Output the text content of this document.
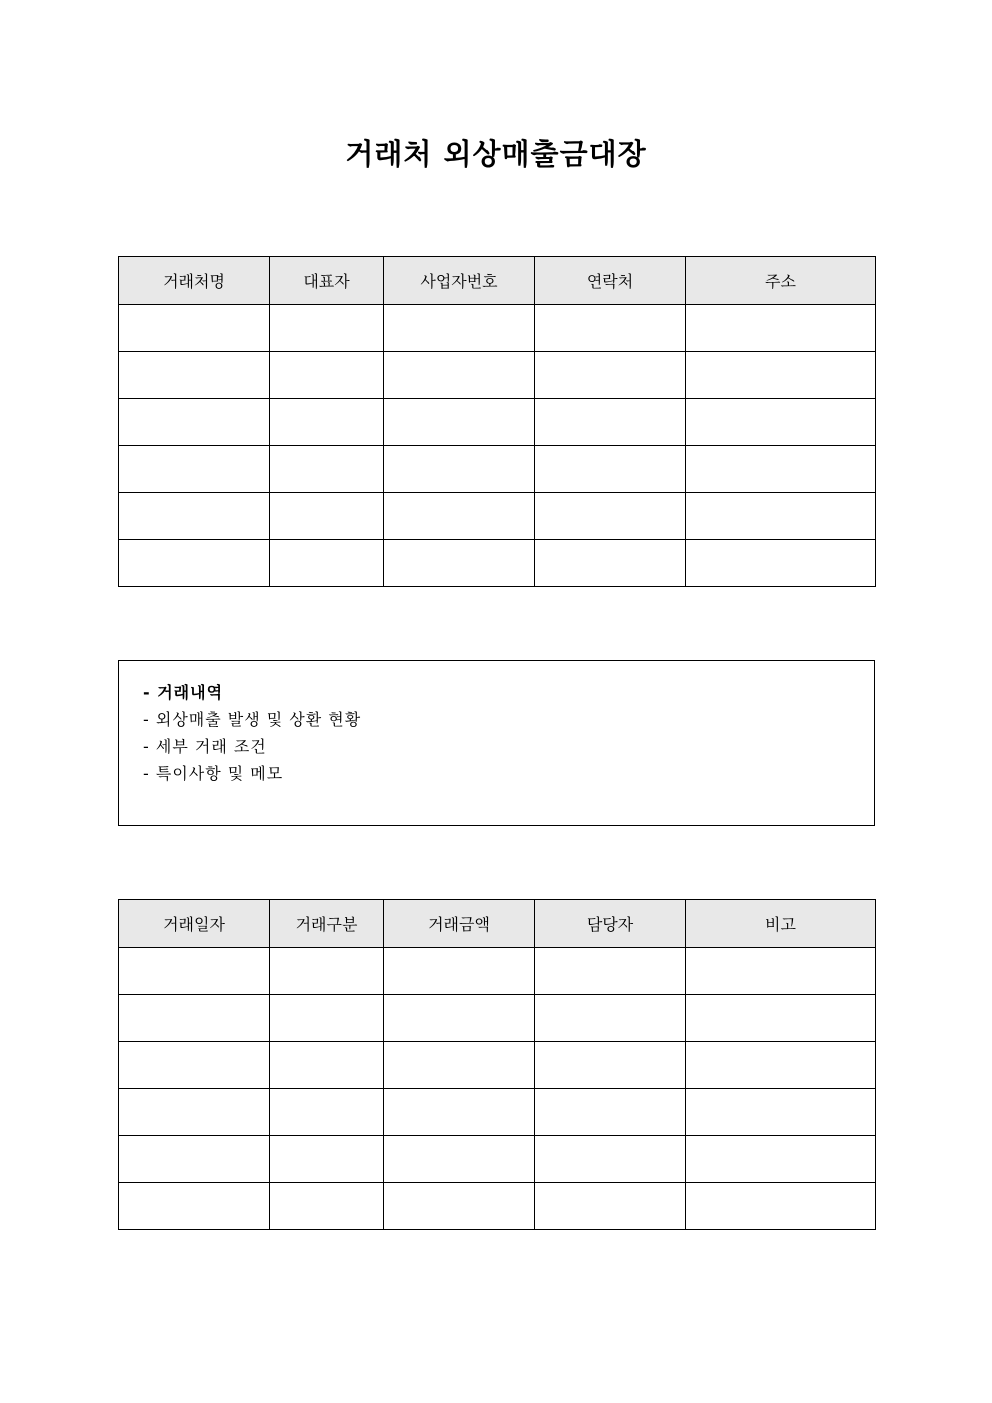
거래처 외상매출금대장
거래처명	대표자	사업자번호	연락처	주소

- 거래내역
- 외상매출 발생 및 상환 현황
- 세부 거래 조건
- 특이사항 및 메모
거래일자	거래구분	거래금액	담당자	비고
